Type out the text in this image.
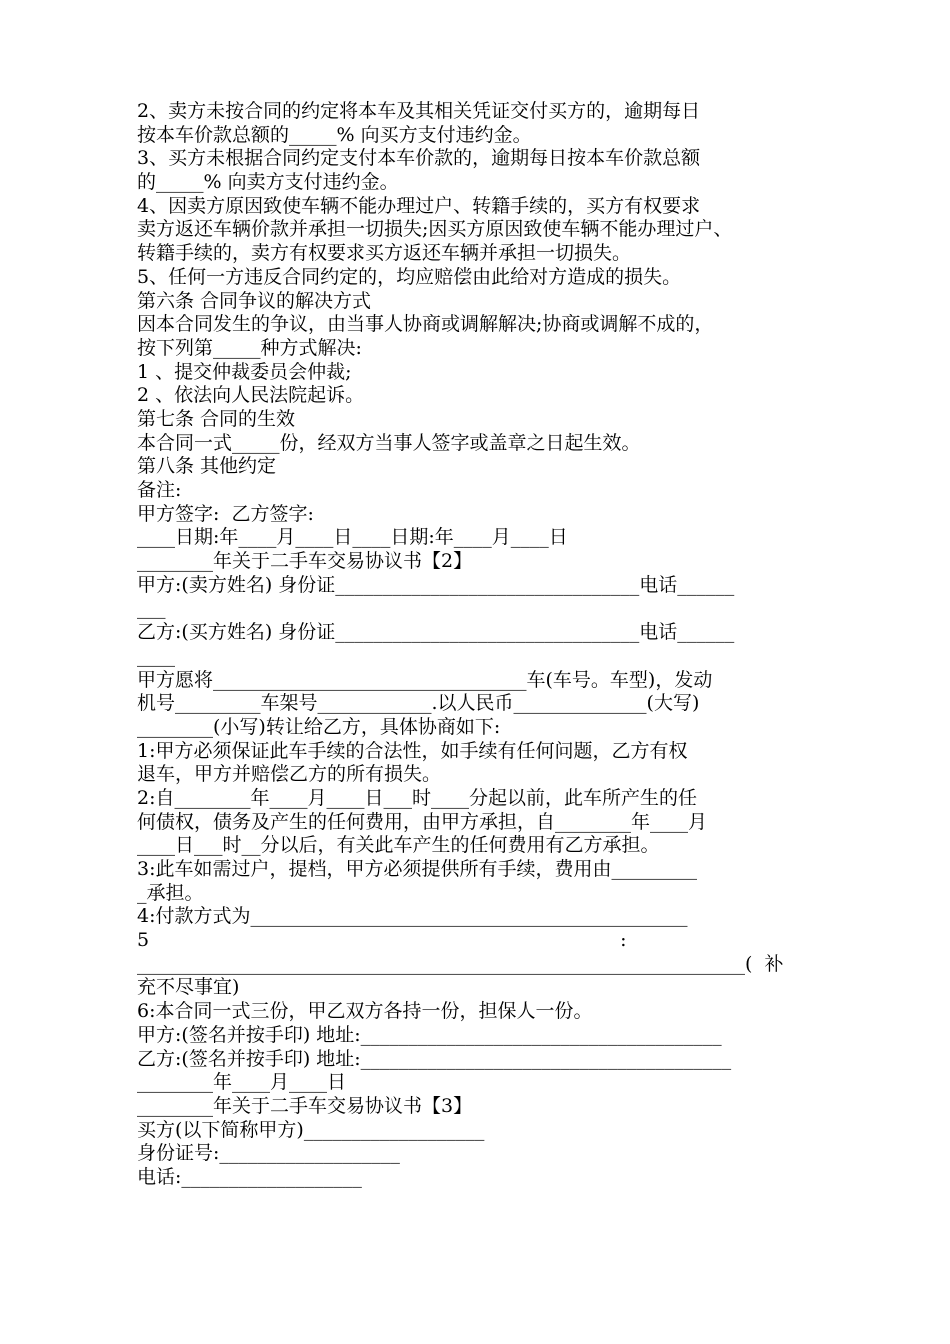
2、卖方未按合同的约定将本车及其相关凭证交付买方的，逾期每日
按本车价款总额的_____% 向买方支付违约金。
3、买方未根据合同约定支付本车价款的，逾期每日按本车价款总额
的_____% 向卖方支付违约金。
4、因卖方原因致使车辆不能办理过户、转籍手续的，买方有权要求
卖方返还车辆价款并承担一切损失;因买方原因致使车辆不能办理过户、
转籍手续的，卖方有权要求买方返还车辆并承担一切损失。
5、任何一方违反合同约定的，均应赔偿由此给对方造成的损失。
第六条 合同争议的解决方式
因本合同发生的争议，由当事人协商或调解解决;协商或调解不成的，
按下列第_____种方式解决:
1 、提交仲裁委员会仲裁;
2 、依法向人民法院起诉。
第七条 合同的生效
本合同一式_____份，经双方当事人签字或盖章之日起生效。
第八条 其他约定
备注:
甲方签字:  乙方签字:
____日期:年____月____日____日期:年____月____日
________年关于二手车交易协议书【2】
甲方:(卖方姓名) 身份证________________________________电话______
___
乙方:(买方姓名) 身份证________________________________电话______
____
甲方愿将_________________________________车(车号。车型)，发动
机号_________车架号____________.以人民币______________(大写)
________(小写)转让给乙方，具体协商如下:
1:甲方必须保证此车手续的合法性，如手续有任何问题，乙方有权
退车，甲方并赔偿乙方的所有损失。
2:自________年____月____日___时____分起以前，此车所产生的任
何债权，债务及产生的任何费用，由甲方承担，自________年____月
____日___时__分以后，有关此车产生的任何费用有乙方承担。
3:此车如需过户，提档，甲方必须提供所有手续，费用由_________
_承担。
4:付款方式为______________________________________________
5                                                                              :
________________________________________________________________(  补
充不尽事宜)
6:本合同一式三份，甲乙双方各持一份，担保人一份。
甲方:(签名并按手印) 地址:______________________________________
乙方:(签名并按手印) 地址:_______________________________________
________年____月____日
________年关于二手车交易协议书【3】
买方(以下简称甲方)___________________
身份证号:___________________
电话:___________________
